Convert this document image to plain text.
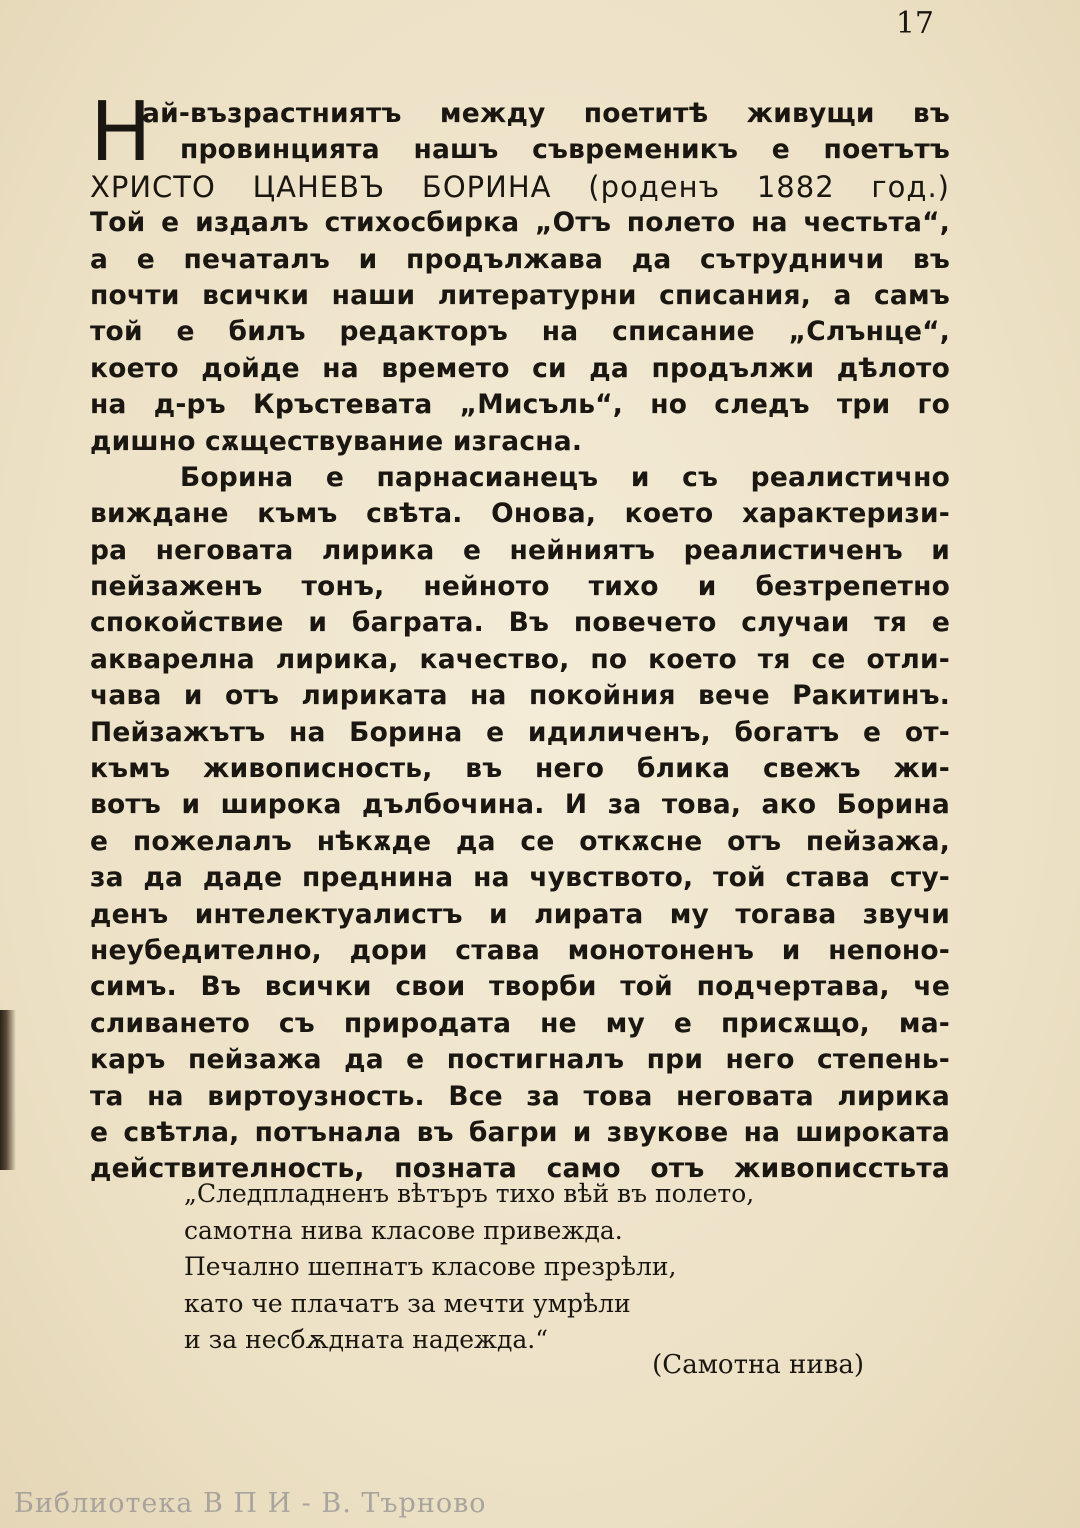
17
Н
ай-възрастниятъ между поетитѣ живущи въ
провинцията нашъ съвременикъ е поетътъ
ХРИСТО ЦАНЕВЪ БОРИНА (роденъ 1882 год.)
Той е издалъ стихосбирка „Отъ полето на честьта“,
а е печаталъ и продължава да сътрудничи въ
почти всички наши литературни списания, а самъ
той е билъ редакторъ на списание „Слънце“,
което дойде на времето си да продължи дѣлото
на д-ръ Кръстевата „Мисъль“, но следъ три го
дишно сѫществувание изгасна.
Борина е парнасианецъ и съ реалистично
виждане къмъ свѣта. Онова, което характеризи-
ра неговата лирика е нейниятъ реалистиченъ и
пейзаженъ тонъ, нейното тихо и безтрепетно
спокойствие и баграта. Въ повечето случаи тя е
акварелна лирика, качество, по което тя се отли-
чава и отъ лириката на покойния вече Ракитинъ.
Пейзажътъ на Борина е идиличенъ, богатъ е от-
къмъ живописность, въ него блика свежъ жи-
вотъ и широка дълбочина. И за това, ако Борина
е пожелалъ нѣкѫде да се откѫсне отъ пейзажа,
за да даде преднина на чувството, той става сту-
денъ интелектуалистъ и лирата му тогава звучи
неубедително, дори става монотоненъ и непоно-
симъ. Въ всички свои творби той подчертава, че
сливането съ природата не му е присѫщо, ма-
каръ пейзажа да е постигналъ при него степень-
та на виртоузность. Все за това неговата лирика
е свѣтла, потънала въ багри и звукове на широката
действителность, позната само отъ живописстьта
„Следпладненъ вѣтъръ тихо вѣй въ полето,
самотна нива класове привежда.
Печално шепнатъ класове презрѣли,
като че плачатъ за мечти умрѣли
и за несбѫдната надежда.“
(Самотна нива)
Библиотека В П И - В. Търново
